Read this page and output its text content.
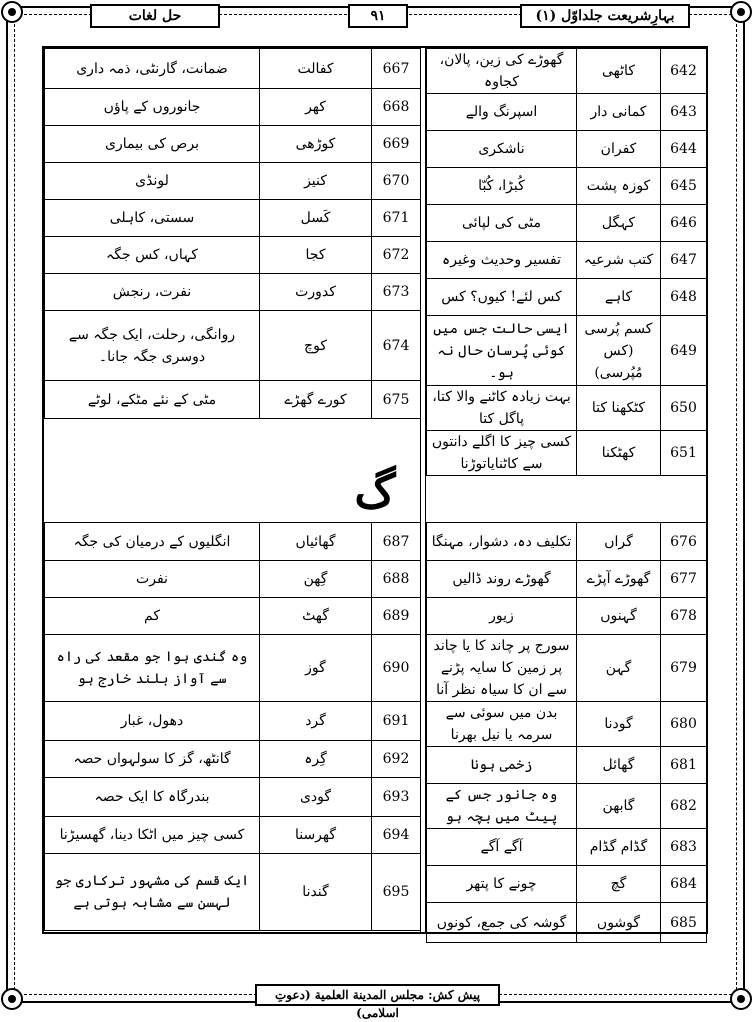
حل لغات	۹۱	بہارِشریعت جلداوّل (۱)
گھوڑے کی زین، پالان، کجاوہ	کاٹھی	642
اسپرنگ والے	کمانی دار	643
ناشکری	کفران	644
کُبڑا، کُبّا	کوزہ پشت	645
مٹی کی لپائی	کہگل	646
تفسیر وحدیث وغیرہ	کتب شرعیہ	647
کس لئے! کیوں؟ کس	کاہے	648
ایسی حالت جس میں کوئی پُرسان حال نہ ہو۔	کسم پُرسی (کس مُپُرسی)	649
بہت زیادہ کاٹنے والا کتا، پاگل کتا	کٹکھنا کتا	650
کسی چیز کا اگلے دانتوں سے کاٹنایاتوڑنا	کھٹکنا	651
ضمانت، گارنٹی، ذمہ داری	کفالت	667
جانوروں کے پاؤں	کھر	668
برص کی بیماری	کوڑھی	669
لونڈی	کنیز	670
سستی، کاہلی	کَسل	671
کہاں، کس جگہ	کجا	672
نفرت، رنجش	کدورت	673
روانگی، رحلت، ایک جگہ سے دوسری جگہ جانا۔	کوچ	674
مٹی کے نئے مٹکے، لوٹے	کورے گھڑے	675
گ
تکلیف دہ، دشوار، مہنگا	گراں	676
گھوڑے روند ڈالیں	گھوڑے آپڑے	677
زیور	گہنوں	678
سورج پر چاند کا یا چاند پر زمین کا سایہ پڑنے سے ان کا سیاہ نظر آنا	گہن	679
بدن میں سوئی سے سرمہ یا نیل بھرنا	گودنا	680
زخمی ہونا	گھائل	681
وہ جانور جس کے پیٹ میں بچہ ہو	گابھن	682
آگے آگے	گڈام گڈام	683
چونے کا پتھر	گچ	684
گوشہ کی جمع، کونوں	گوشوں	685
انگلیوں کے درمیان کی جگہ	گھائیاں	687
نفرت	گِھن	688
کم	گھٹ	689
وہ گندی ہوا جو مقعد کی راہ سے آواز بلند خارج ہو	گوز	690
دھول، غبار	گرد	691
گانٹھ، گز کا سولہواں حصہ	گِرہ	692
بندرگاہ کا ایک حصہ	گودی	693
کسی چیز میں اٹکا دینا، گھسیڑنا	گھرسنا	694
ایک قسم کی مشہور ترکاری جو لہسن سے مشابہ ہوتی ہے	گندنا	695
پیش کش: مجلس المدینة العلمیة (دعوتِ اسلامی)
